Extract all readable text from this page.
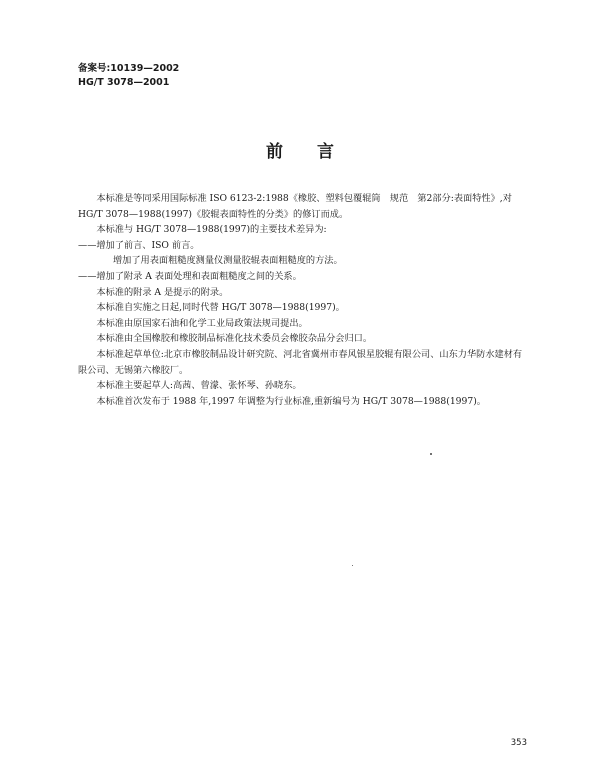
备案号:10139—2002
HG/T 3078—2001
前言

本标准是等同采用国际标准 ISO 6123-2:1988《橡胶、塑料包覆辊筒　规范　第2部分:表面特性》,对 HG/T 3078—1988(1997)《胶辊表面特性的分类》的修订而成。

本标准与 HG/T 3078—1988(1997)的主要技术差异为:

——增加了前言、ISO 前言。

增加了用表面粗糙度测量仪测量胶辊表面粗糙度的方法。

——增加了附录 A 表面处理和表面粗糙度之间的关系。

本标准的附录 A 是提示的附录。

本标准自实施之日起,同时代替 HG/T 3078—1988(1997)。

本标准由原国家石油和化学工业局政策法规司提出。

本标准由全国橡胶和橡胶制品标准化技术委员会橡胶杂品分会归口。

本标准起草单位:北京市橡胶制品设计研究院、河北省冀州市春风银星胶辊有限公司、山东力华防水建材有限公司、无锡第六橡胶厂。

本标准主要起草人:高茜、曾濛、张怀琴、孙晓东。

本标准首次发布于 1988 年,1997 年调整为行业标准,重新编号为 HG/T 3078—1988(1997)。

353
